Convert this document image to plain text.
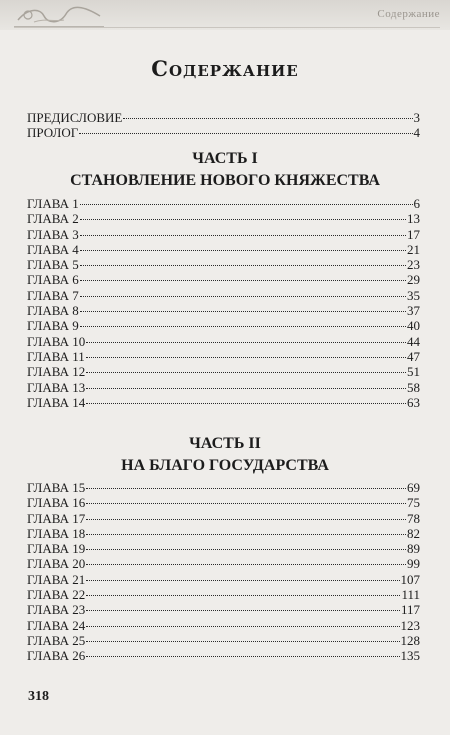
Содержание
Содержание
ПРЕДИСЛОВИЕ	3
ПРОЛОГ	4
ЧАСТЬ I
СТАНОВЛЕНИЕ НОВОГО КНЯЖЕСТВА
ГЛАВА 1	6
ГЛАВА 2	13
ГЛАВА 3	17
ГЛАВА 4	21
ГЛАВА 5	23
ГЛАВА 6	29
ГЛАВА 7	35
ГЛАВА 8	37
ГЛАВА 9	40
ГЛАВА 10	44
ГЛАВА 11	47
ГЛАВА 12	51
ГЛАВА 13	58
ГЛАВА 14	63
ЧАСТЬ II
НА БЛАГО ГОСУДАРСТВА
ГЛАВА 15	69
ГЛАВА 16	75
ГЛАВА 17	78
ГЛАВА 18	82
ГЛАВА 19	89
ГЛАВА 20	99
ГЛАВА 21	107
ГЛАВА 22	111
ГЛАВА 23	117
ГЛАВА 24	123
ГЛАВА 25	128
ГЛАВА 26	135
318
